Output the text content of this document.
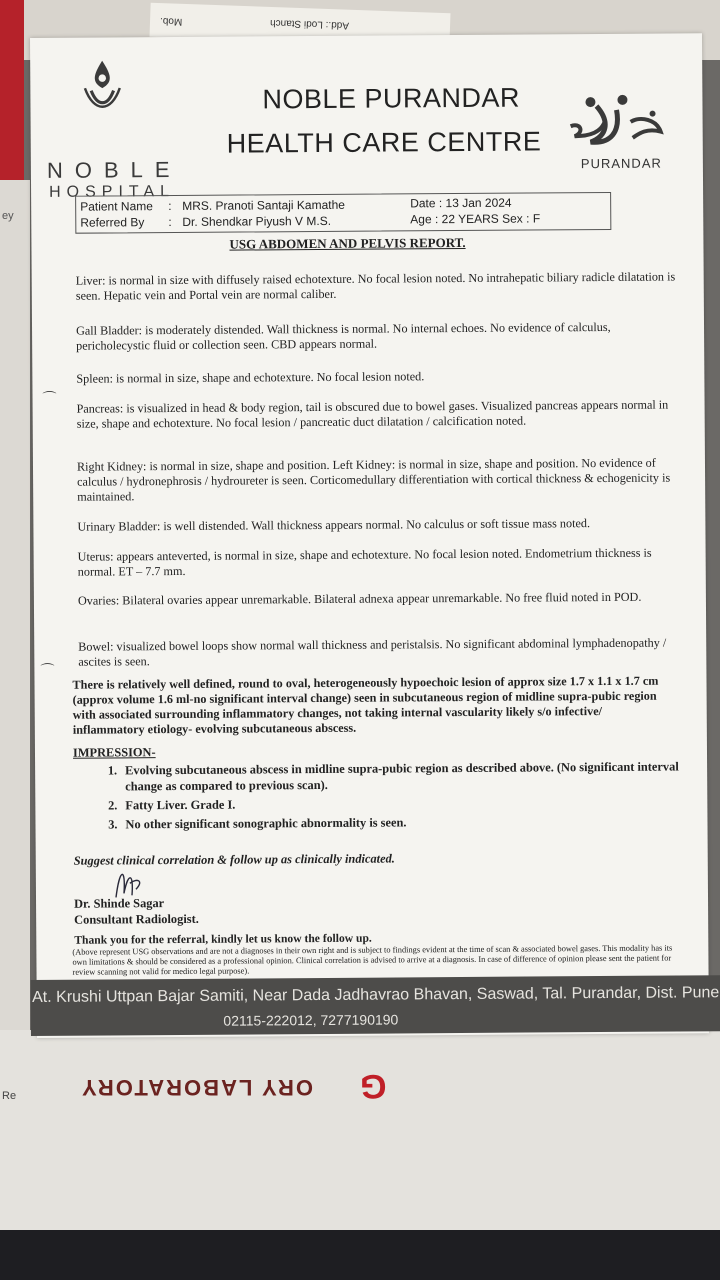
Add.: Lodi Stanch
Mob.
ORY LABORATORY G
Re
ey
NOBLE
HOSPITAL
NOBLE PURANDAR
HEALTH CARE CENTRE
PURANDAR
Patient Name : MRS. Pranoti Santaji Kamathe
Referred By : Dr. Shendkar Piyush V M.S.
Date : 13 Jan 2024
Age : 22 YEARS Sex : F
USG ABDOMEN AND PELVIS REPORT.
Liver: is normal in size with diffusely raised echotexture. No focal lesion noted. No intrahepatic biliary radicle dilatation is seen. Hepatic vein and Portal vein are normal caliber.
Gall Bladder: is moderately distended. Wall thickness is normal. No internal echoes. No evidence of calculus, pericholecystic fluid or collection seen. CBD appears normal.
Spleen: is normal in size, shape and echotexture. No focal lesion noted.
Pancreas: is visualized in head & body region, tail is obscured due to bowel gases. Visualized pancreas appears normal in size, shape and echotexture. No focal lesion / pancreatic duct dilatation / calcification noted.
Right Kidney: is normal in size, shape and position. Left Kidney: is normal in size, shape and position. No evidence of calculus / hydronephrosis / hydroureter is seen. Corticomedullary differentiation with cortical thickness & echogenicity is maintained.
Urinary Bladder: is well distended. Wall thickness appears normal. No calculus or soft tissue mass noted.
Uterus: appears anteverted, is normal in size, shape and echotexture. No focal lesion noted. Endometrium thickness is normal. ET – 7.7 mm.
Ovaries: Bilateral ovaries appear unremarkable. Bilateral adnexa appear unremarkable. No free fluid noted in POD.
Bowel: visualized bowel loops show normal wall thickness and peristalsis. No significant abdominal lymphadenopathy / ascites is seen.
⌒
⌒
There is relatively well defined, round to oval, heterogeneously hypoechoic lesion of approx size 1.7 x 1.1 x 1.7 cm (approx volume 1.6 ml-no significant interval change) seen in subcutaneous region of midline supra-pubic region with associated surrounding inflammatory changes, not taking internal vascularity likely s/o infective/ inflammatory etiology- evolving subcutaneous abscess.
IMPRESSION-
1. Evolving subcutaneous abscess in midline supra-pubic region as described above. (No significant interval change as compared to previous scan).
2. Fatty Liver. Grade I.
3. No other significant sonographic abnormality is seen.
Suggest clinical correlation & follow up as clinically indicated.
Dr. Shinde Sagar
Consultant Radiologist.
Thank you for the referral, kindly let us know the follow up.
(Above represent USG observations and are not a diagnoses in their own right and is subject to findings evident at the time of scan & associated bowel gases. This modality has its own limitations & should be considered as a professional opinion. Clinical correlation is advised to arrive at a diagnosis. In case of difference of opinion please sent the patient for review scanning not valid for medico legal purpose).
At. Krushi Uttpan Bajar Samiti, Near Dada Jadhavrao Bhavan, Saswad, Tal. Purandar, Dist. Pune
02115-222012, 7277190190
